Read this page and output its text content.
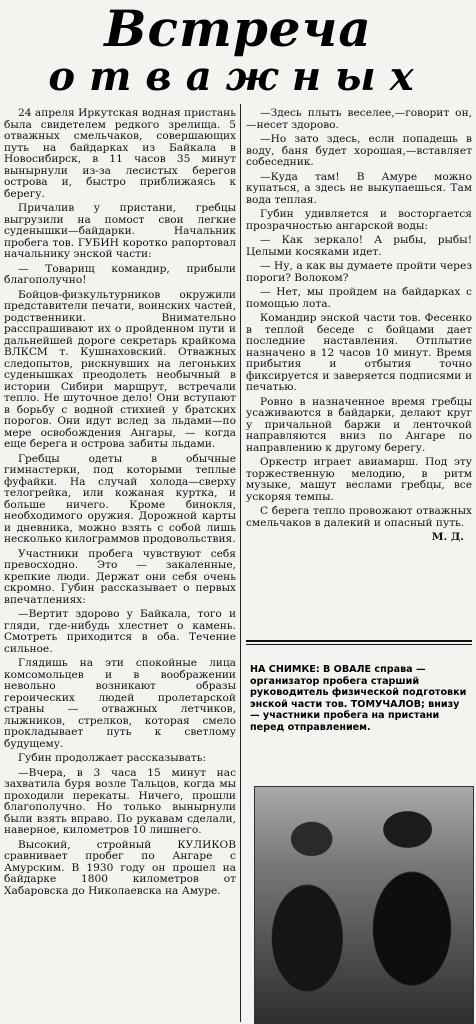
Встреча
отважных

24 апреля Иркутская водная пристань была свидетелем редкого зрелища. 5 отважных смельчаков, совершающих путь на байдарках из Байкала в Новосибирск, в 11 часов 35 минут вынырнули из-за лесистых берегов острова и, быстро приближаясь к берегу.

Причалив у пристани, гребцы выгрузили на помост свои легкие суденышки—байдарки. Начальник пробега тов. ГУБИН коротко рапортовал начальнику энской части:

— Товарищ командир, прибыли благополучно!

Бойцов-физкультурников окружили представители печати, воинских частей, родственники. Внимательно расспрашивают их о пройденном пути и дальнейшей дороге секретарь крайкома ВЛКСМ т. Кушнаховский. Отважных следопытов, рискнувших на легоньких суденышках преодолеть необычный в истории Сибири маршрут, встречали тепло. Не шуточное дело! Они вступают в борьбу с водной стихией у братских порогов. Они идут вслед за льдами—по мере освобождения Ангары, — когда еще берега и острова забиты льдами.

Гребцы одеты в обычные гимнастерки, под которыми теплые фуфайки. На случай холода—сверху телогрейка, или кожаная куртка, и больше ничего. Кроме бинокля, необходимого оружия. Дорожной карты и дневника, можно взять с собой лишь несколько килограммов продовольствия.

Участники пробега чувствуют себя превосходно. Это — закаленные, крепкие люди. Держат они себя очень скромно. Губин рассказывает о первых впечатлениях:

—Вертит здорово у Байкала, того и гляди, где-нибудь хлестнет о камень. Смотреть приходится в оба. Течение сильное.

Глядишь на эти спокойные лица комсомольцев и в воображении невольно возникают образы героических людей пролетарской страны — отважных летчиков, лыжников, стрелков, которая смело прокладывает путь к светлому будущему.

Губин продолжает рассказывать:

—Вчера, в 3 часа 15 минут нас захватила буря возле Тальцов, когда мы проходили перекаты. Ничего, прошли благополучно. Но только вынырнули были взять вправо. По рукавам сделали, наверное, километров 10 лишнего.

Высокий, стройный КУЛИКОВ сравнивает пробег по Ангаре с Амурским. В 1930 году он прошел на байдарке 1800 километров от Хабаровска до Николаевска на Амуре.

—Здесь плыть веселее,—говорит он,—несет здорово.

—Но зато здесь, если попадешь в воду, баня будет хорошая,—вставляет собеседник.

—Куда там! В Амуре можно купаться, а здесь не выкупаешься. Там вода теплая.

Губин удивляется и восторгается прозрачностью ангарской воды:

— Как зеркало! А рыбы, рыбы! Целыми косяками идет.

— Ну, а как вы думаете пройти через пороги? Волоком?

— Нет, мы пройдем на байдарках с помощью лота.

Командир энской части тов. Фесенко в теплой беседе с бойцами дает последние наставления. Отплытие назначено в 12 часов 10 минут. Время прибытия и отбытия точно фиксируется и заверяется подписями и печатью.

Ровно в назначенное время гребцы усаживаются в байдарки, делают круг у причальной баржи и ленточкой направляются вниз по Ангаре по направлению к другому берегу.

Оркестр играет авиамарш. Под эту торжественную мелодию, в ритм музыке, машут веслами гребцы, все ускоряя темпы.

С берега тепло провожают отважных смельчаков в далекий и опасный путь.

М. Д.
НА СНИМКЕ: В ОВАЛЕ справа — организатор пробега старший руководитель физической подготовки энской части тов. ТОМУЧАЛОВ; внизу — участники пробега на пристани перед отправлением.
